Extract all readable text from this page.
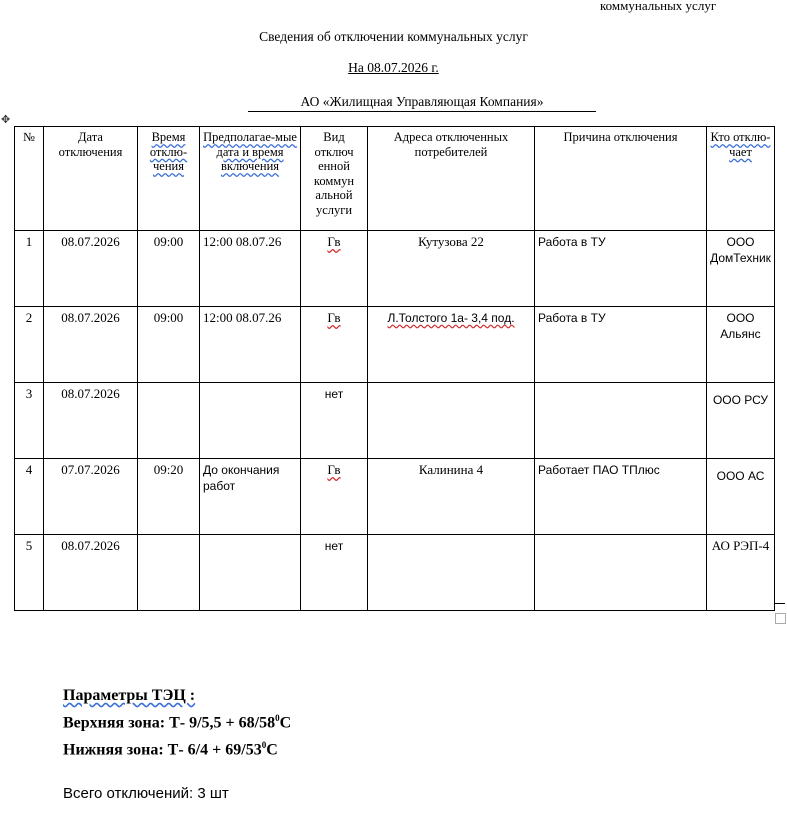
коммунальных услуг
Сведения об отключении коммунальных услуг
На 08.07.2026 г.
АО «Жилищная Управляющая Компания»
✥
№	Дата отключения	Время отклю-чения	Предполагае-мые дата и время включения	Вид отключ енной коммун альной услуги	Адреса отключенных потребителей	Причина отключения	Кто отклю-чает
1	08.07.2026	09:00	12:00 08.07.26	Гв	Кутузова 22	Работа в ТУ	ООО ДомТехник
2	08.07.2026	09:00	12:00 08.07.26	Гв	Л.Толстого 1а- 3,4 под.	Работа в ТУ	ООО Альянс
3	08.07.2026			нет			ООО РСУ
4	07.07.2026	09:20	До окончания работ	Гв	Калинина 4	Работает ПАО ТПлюс	ООО АС
5	08.07.2026			нет			АО РЭП-4
Параметры ТЭЦ :
Верхняя зона: Т- $9/5,5 + 68/58^0С$
Нижняя зона: Т- $6/4 + 69/53^0С$
Всего отключений: 3 шт
